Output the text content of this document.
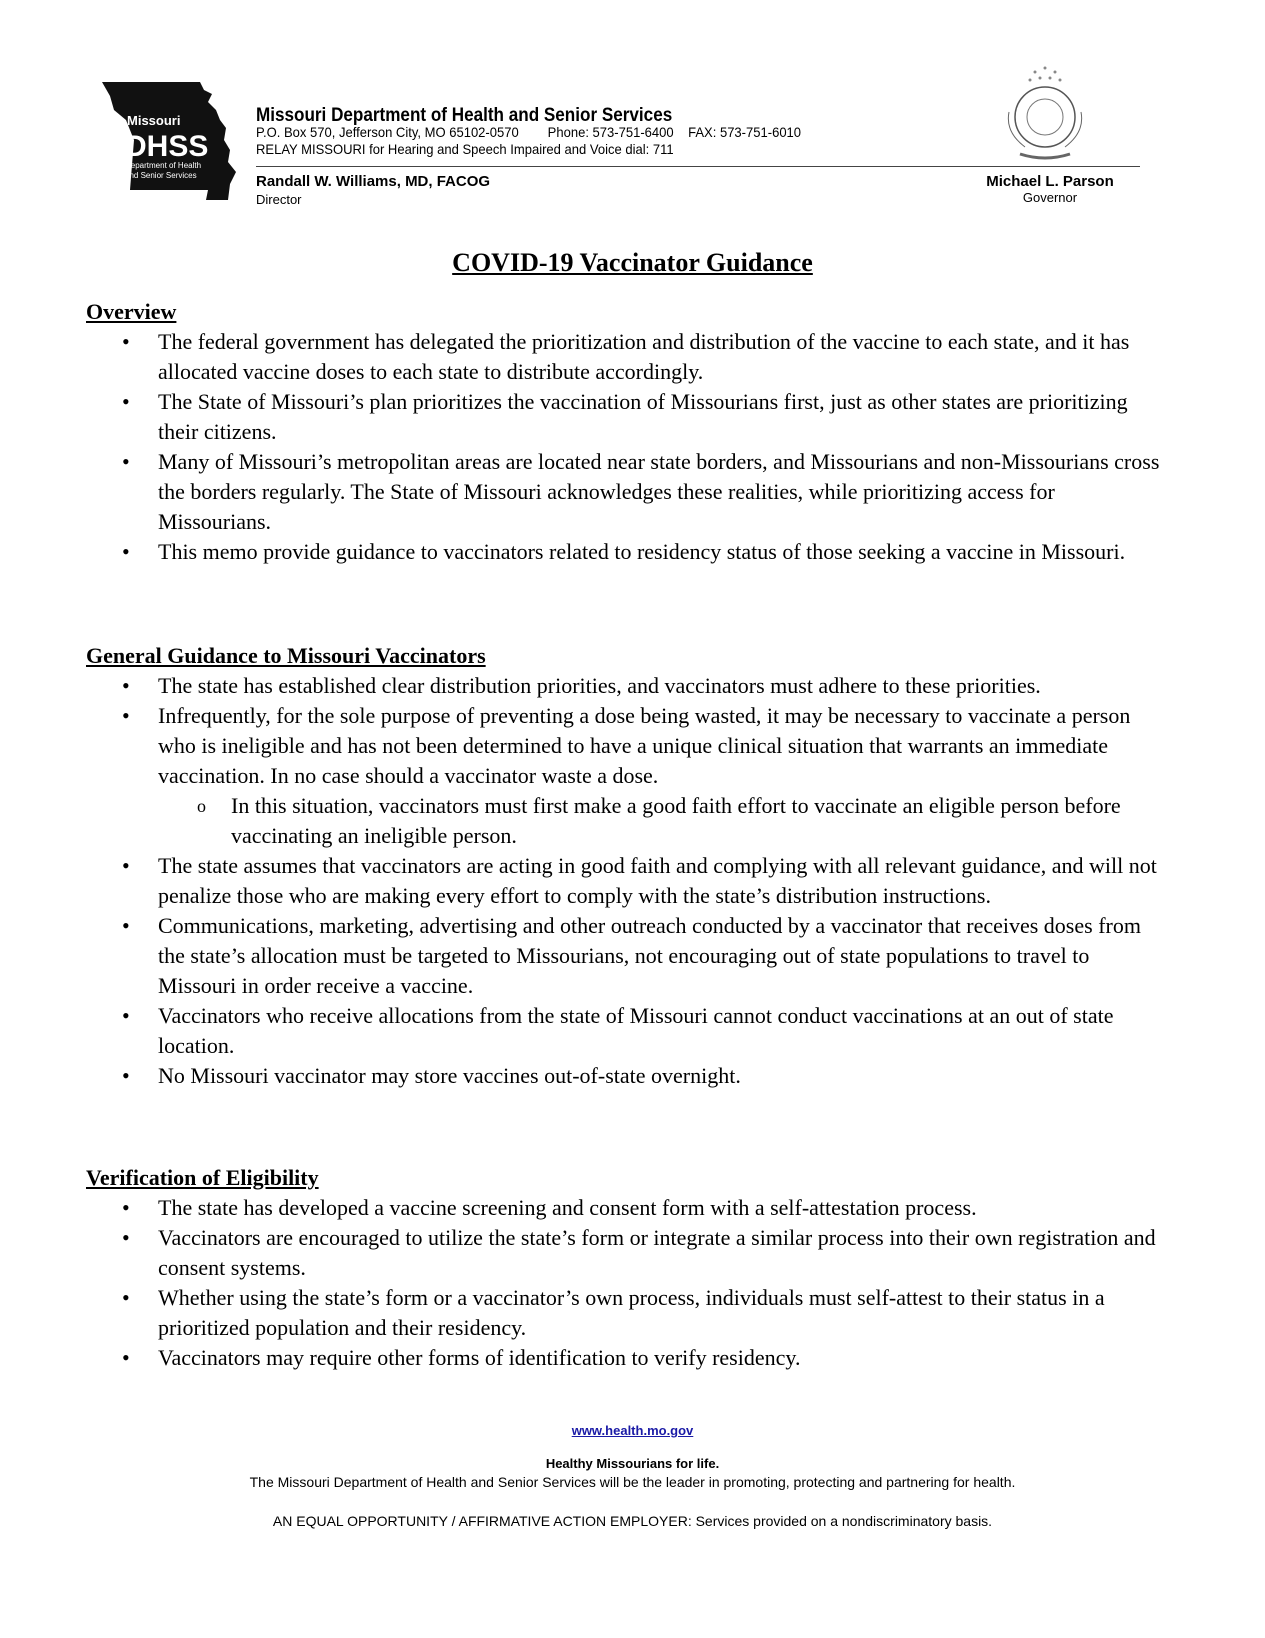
Missouri
DHSS
Department of Health
and Senior Services
Missouri Department of Health and Senior Services
P.O. Box 570, Jefferson City, MO 65102-0570 Phone: 573-751-6400 FAX: 573-751-6010
RELAY MISSOURI for Hearing and Speech Impaired and Voice dial: 711
Randall W. Williams, MD, FACOG
Director
Michael L. Parson
Governor
COVID-19 Vaccinator Guidance
Overview
• The federal government has delegated the prioritization and distribution of the vaccine to each state, and it has allocated vaccine doses to each state to distribute accordingly.
• The State of Missouri’s plan prioritizes the vaccination of Missourians first, just as other states are prioritizing their citizens.
• Many of Missouri’s metropolitan areas are located near state borders, and Missourians and non-Missourians cross the borders regularly. The State of Missouri acknowledges these realities, while prioritizing access for Missourians.
• This memo provide guidance to vaccinators related to residency status of those seeking a vaccine in Missouri.
General Guidance to Missouri Vaccinators
• The state has established clear distribution priorities, and vaccinators must adhere to these priorities.
• Infrequently, for the sole purpose of preventing a dose being wasted, it may be necessary to vaccinate a person who is ineligible and has not been determined to have a unique clinical situation that warrants an immediate vaccination. In no case should a vaccinator waste a dose.
o In this situation, vaccinators must first make a good faith effort to vaccinate an eligible person before vaccinating an ineligible person.
• The state assumes that vaccinators are acting in good faith and complying with all relevant guidance, and will not penalize those who are making every effort to comply with the state’s distribution instructions.
• Communications, marketing, advertising and other outreach conducted by a vaccinator that receives doses from the state’s allocation must be targeted to Missourians, not encouraging out of state populations to travel to Missouri in order receive a vaccine.
• Vaccinators who receive allocations from the state of Missouri cannot conduct vaccinations at an out of state location.
• No Missouri vaccinator may store vaccines out-of-state overnight.
Verification of Eligibility
• The state has developed a vaccine screening and consent form with a self-attestation process.
• Vaccinators are encouraged to utilize the state’s form or integrate a similar process into their own registration and consent systems.
• Whether using the state’s form or a vaccinator’s own process, individuals must self-attest to their status in a prioritized population and their residency.
• Vaccinators may require other forms of identification to verify residency.
www.health.mo.gov
Healthy Missourians for life.
The Missouri Department of Health and Senior Services will be the leader in promoting, protecting and partnering for health.
AN EQUAL OPPORTUNITY / AFFIRMATIVE ACTION EMPLOYER: Services provided on a nondiscriminatory basis.
